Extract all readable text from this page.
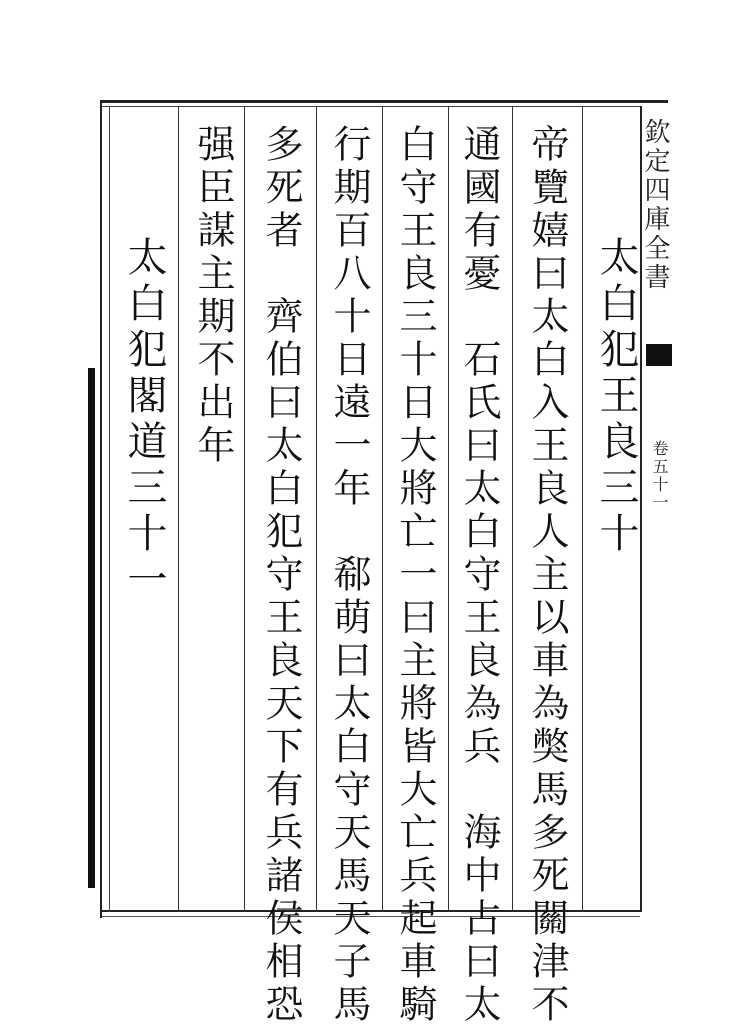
欽定四庫全書
卷五十一
太白犯王良三十
帝覽嬉曰太白入王良人主以車為獘馬多死關津不
通國有憂　石氏曰太白守王良為兵　海中占曰太
白守王良三十日大將亡一曰主將皆大亡兵起車騎
行期百八十日遠一年　郗萌曰太白守天馬天子馬
多死者　齊伯曰太白犯守王良天下有兵諸侯相恐
强臣謀主期不出年
太白犯閣道三十一
